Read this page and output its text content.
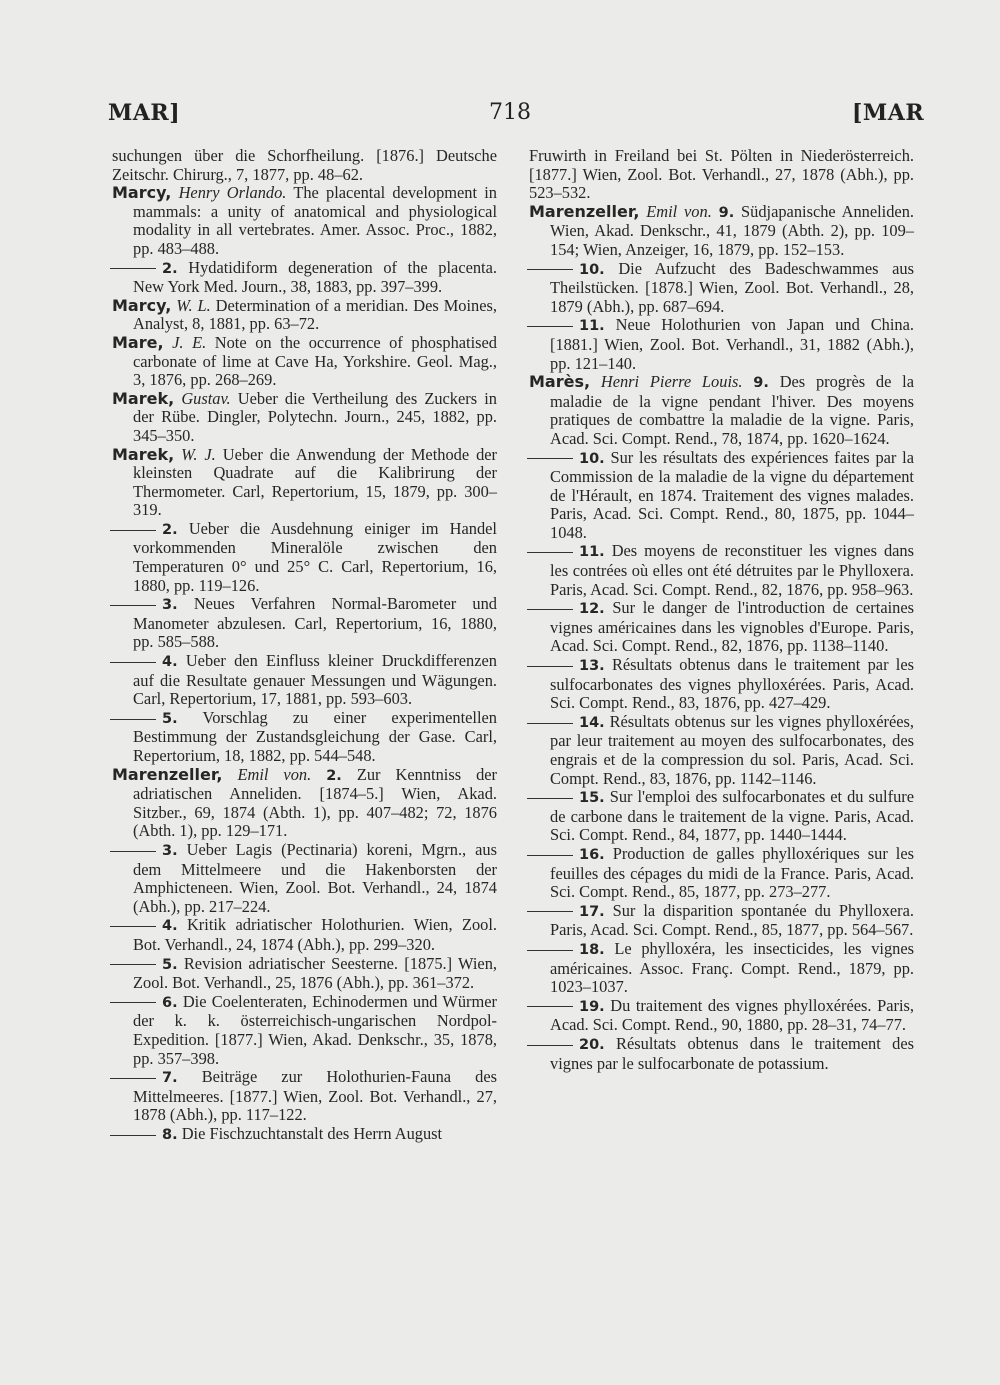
MAR]	718	[MAR

suchungen über die Schorfheilung. [1876.] Deutsche Zeitschr. Chirurg., 7, 1877, pp. 48–62.

Marcy, Henry Orlando. The placental development in mammals: a unity of anatomical and physiological modality in all vertebrates. Amer. Assoc. Proc., 1882, pp. 483–488.

2. Hydatidiform degeneration of the placenta. New York Med. Journ., 38, 1883, pp. 397–399.

Marcy, W. L. Determination of a meridian. Des Moines, Analyst, 8, 1881, pp. 63–72.

Mare, J. E. Note on the occurrence of phosphatised carbonate of lime at Cave Ha, Yorkshire. Geol. Mag., 3, 1876, pp. 268–269.

Marek, Gustav. Ueber die Vertheilung des Zuckers in der Rübe. Dingler, Polytechn. Journ., 245, 1882, pp. 345–350.

Marek, W. J. Ueber die Anwendung der Methode der kleinsten Quadrate auf die Kalibrirung der Thermometer. Carl, Repertorium, 15, 1879, pp. 300–319.

2. Ueber die Ausdehnung einiger im Handel vorkommenden Mineralöle zwischen den Temperaturen 0° und 25° C. Carl, Repertorium, 16, 1880, pp. 119–126.

3. Neues Verfahren Normal-Barometer und Manometer abzulesen. Carl, Repertorium, 16, 1880, pp. 585–588.

4. Ueber den Einfluss kleiner Druckdifferenzen auf die Resultate genauer Messungen und Wägungen. Carl, Repertorium, 17, 1881, pp. 593–603.

5. Vorschlag zu einer experimentellen Bestimmung der Zustandsgleichung der Gase. Carl, Repertorium, 18, 1882, pp. 544–548.

Marenzeller, Emil von. 2. Zur Kenntniss der adriatischen Anneliden. [1874–5.] Wien, Akad. Sitzber., 69, 1874 (Abth. 1), pp. 407–482; 72, 1876 (Abth. 1), pp. 129–171.

3. Ueber Lagis (Pectinaria) koreni, Mgrn., aus dem Mittelmeere und die Hakenborsten der Amphicteneen. Wien, Zool. Bot. Verhandl., 24, 1874 (Abh.), pp. 217–224.

4. Kritik adriatischer Holothurien. Wien, Zool. Bot. Verhandl., 24, 1874 (Abh.), pp. 299–320.

5. Revision adriatischer Seesterne. [1875.] Wien, Zool. Bot. Verhandl., 25, 1876 (Abh.), pp. 361–372.

6. Die Coelenteraten, Echinodermen und Würmer der k. k. österreichisch-ungarischen Nordpol-Expedition. [1877.] Wien, Akad. Denkschr., 35, 1878, pp. 357–398.

7. Beiträge zur Holothurien-Fauna des Mittelmeeres. [1877.] Wien, Zool. Bot. Verhandl., 27, 1878 (Abh.), pp. 117–122.

8. Die Fischzuchtanstalt des Herrn August

Fruwirth in Freiland bei St. Pölten in Niederösterreich. [1877.] Wien, Zool. Bot. Verhandl., 27, 1878 (Abh.), pp. 523–532.

Marenzeller, Emil von. 9. Südjapanische Anneliden. Wien, Akad. Denkschr., 41, 1879 (Abth. 2), pp. 109–154; Wien, Anzeiger, 16, 1879, pp. 152–153.

10. Die Aufzucht des Badeschwammes aus Theilstücken. [1878.] Wien, Zool. Bot. Verhandl., 28, 1879 (Abh.), pp. 687–694.

11. Neue Holothurien von Japan und China. [1881.] Wien, Zool. Bot. Verhandl., 31, 1882 (Abh.), pp. 121–140.

Marès, Henri Pierre Louis. 9. Des progrès de la maladie de la vigne pendant l'hiver. Des moyens pratiques de combattre la maladie de la vigne. Paris, Acad. Sci. Compt. Rend., 78, 1874, pp. 1620–1624.

10. Sur les résultats des expériences faites par la Commission de la maladie de la vigne du département de l'Hérault, en 1874. Traitement des vignes malades. Paris, Acad. Sci. Compt. Rend., 80, 1875, pp. 1044–1048.

11. Des moyens de reconstituer les vignes dans les contrées où elles ont été détruites par le Phylloxera. Paris, Acad. Sci. Compt. Rend., 82, 1876, pp. 958–963.

12. Sur le danger de l'introduction de certaines vignes américaines dans les vignobles d'Europe. Paris, Acad. Sci. Compt. Rend., 82, 1876, pp. 1138–1140.

13. Résultats obtenus dans le traitement par les sulfocarbonates des vignes phylloxérées. Paris, Acad. Sci. Compt. Rend., 83, 1876, pp. 427–429.

14. Résultats obtenus sur les vignes phylloxérées, par leur traitement au moyen des sulfocarbonates, des engrais et de la compression du sol. Paris, Acad. Sci. Compt. Rend., 83, 1876, pp. 1142–1146.

15. Sur l'emploi des sulfocarbonates et du sulfure de carbone dans le traitement de la vigne. Paris, Acad. Sci. Compt. Rend., 84, 1877, pp. 1440–1444.

16. Production de galles phylloxériques sur les feuilles des cépages du midi de la France. Paris, Acad. Sci. Compt. Rend., 85, 1877, pp. 273–277.

17. Sur la disparition spontanée du Phylloxera. Paris, Acad. Sci. Compt. Rend., 85, 1877, pp. 564–567.

18. Le phylloxéra, les insecticides, les vignes américaines. Assoc. Franç. Compt. Rend., 1879, pp. 1023–1037.

19. Du traitement des vignes phylloxérées. Paris, Acad. Sci. Compt. Rend., 90, 1880, pp. 28–31, 74–77.

20. Résultats obtenus dans le traitement des vignes par le sulfocarbonate de potassium.
